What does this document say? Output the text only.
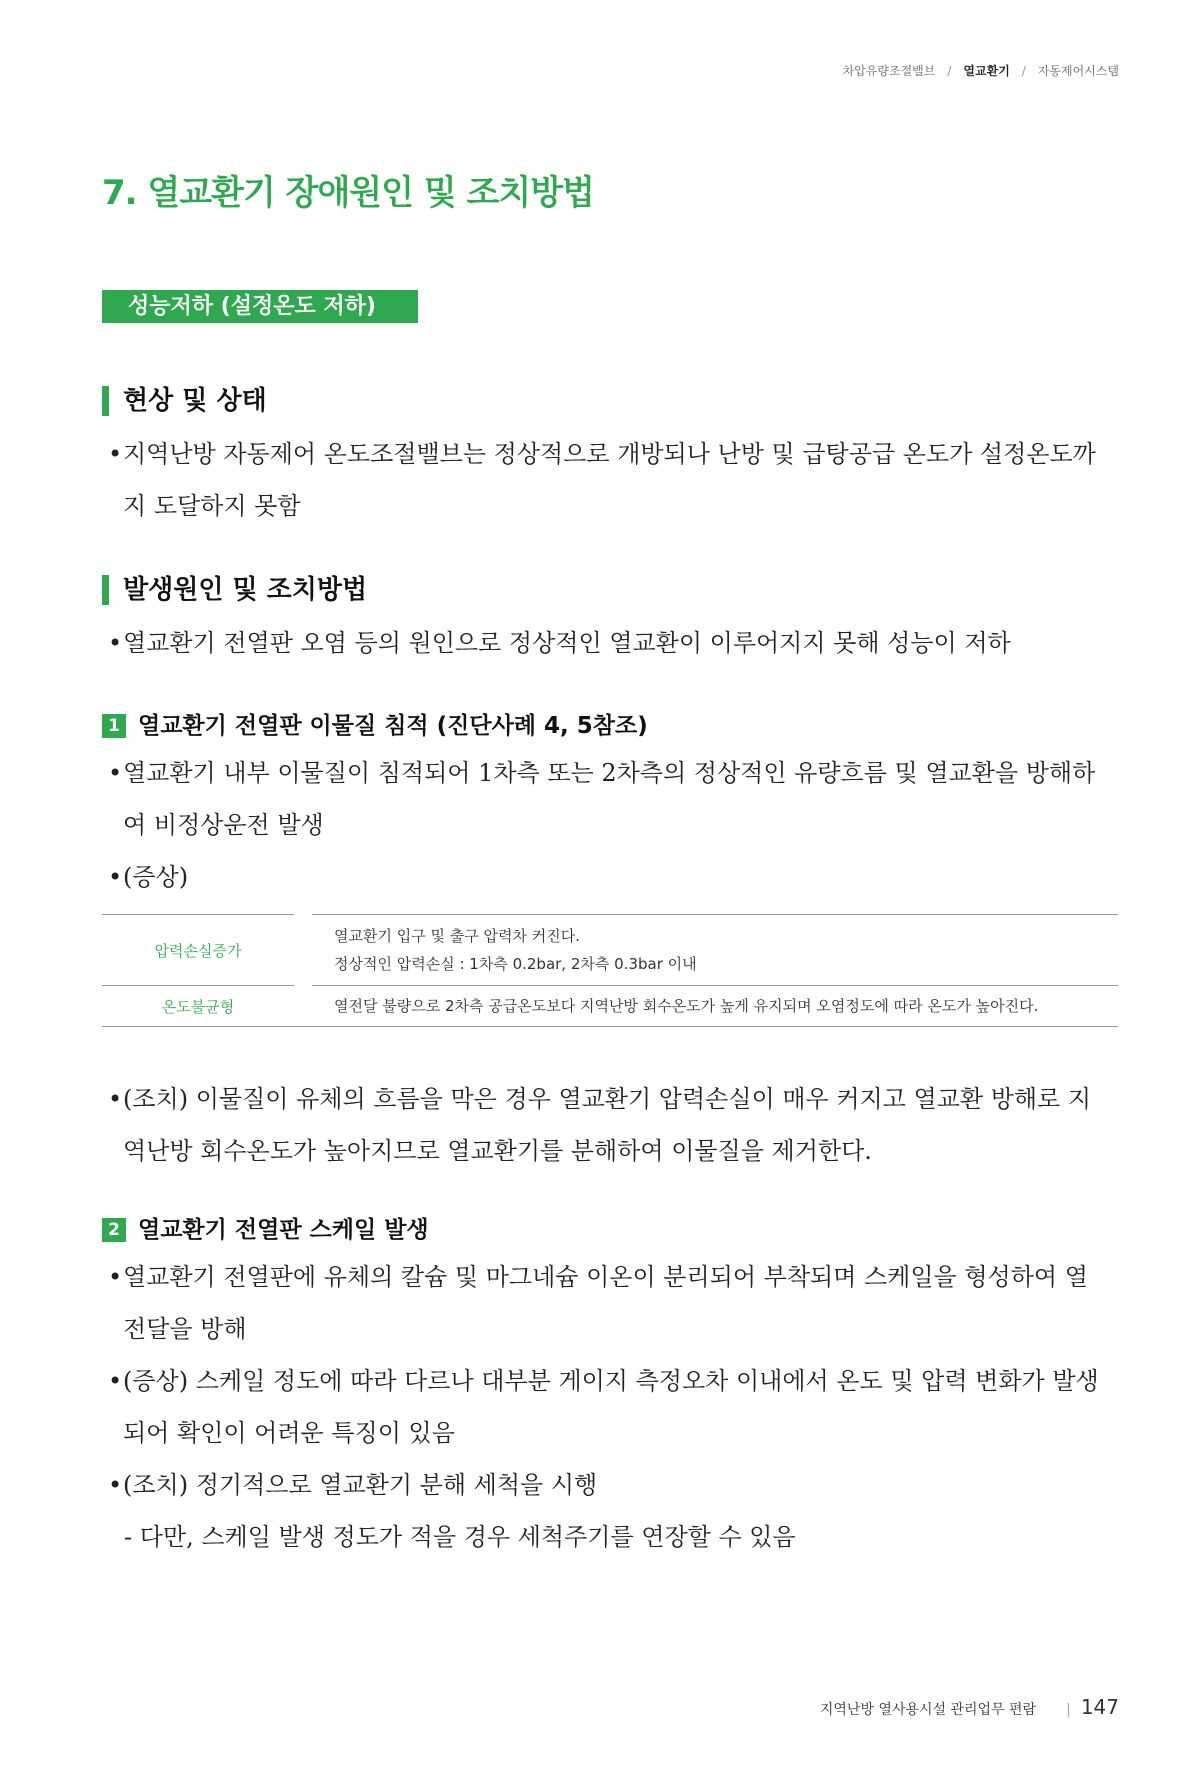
차압유량조절밸브 / 열교환기 / 자동제어시스템
7. 열교환기 장애원인 및 조치방법
성능저하 (설정온도 저하)
현상 및 상태
• 지역난방 자동제어 온도조절밸브는 정상적으로 개방되나 난방 및 급탕공급 온도가 설정온도까
지 도달하지 못함
발생원인 및 조치방법
• 열교환기 전열판 오염 등의 원인으로 정상적인 열교환이 이루어지지 못해 성능이 저하
1 열교환기 전열판 이물질 침적 (진단사례 4, 5참조)
• 열교환기 내부 이물질이 침적되어 1차측 또는 2차측의 정상적인 유량흐름 및 열교환을 방해하
여 비정상운전 발생
• (증상)
압력손실증가		열교환기 입구 및 출구 압력차 커진다.
정상적인 압력손실 : 1차측 0.2bar, 2차측 0.3bar 이내

온도불균형		열전달 불량으로 2차측 공급온도보다 지역난방 회수온도가 높게 유지되며 오염정도에 따라 온도가 높아진다.
• (조치) 이물질이 유체의 흐름을 막은 경우 열교환기 압력손실이 매우 커지고 열교환 방해로 지
역난방 회수온도가 높아지므로 열교환기를 분해하여 이물질을 제거한다.
2 열교환기 전열판 스케일 발생
• 열교환기 전열판에 유체의 칼슘 및 마그네슘 이온이 분리되어 부착되며 스케일을 형성하여 열
전달을 방해
• (증상) 스케일 정도에 따라 다르나 대부분 게이지 측정오차 이내에서 온도 및 압력 변화가 발생
되어 확인이 어려운 특징이 있음
• (조치) 정기적으로 열교환기 분해 세척을 시행
- 다만, 스케일 발생 정도가 적을 경우 세척주기를 연장할 수 있음
지역난방 열사용시설 관리업무 편람 | 147
